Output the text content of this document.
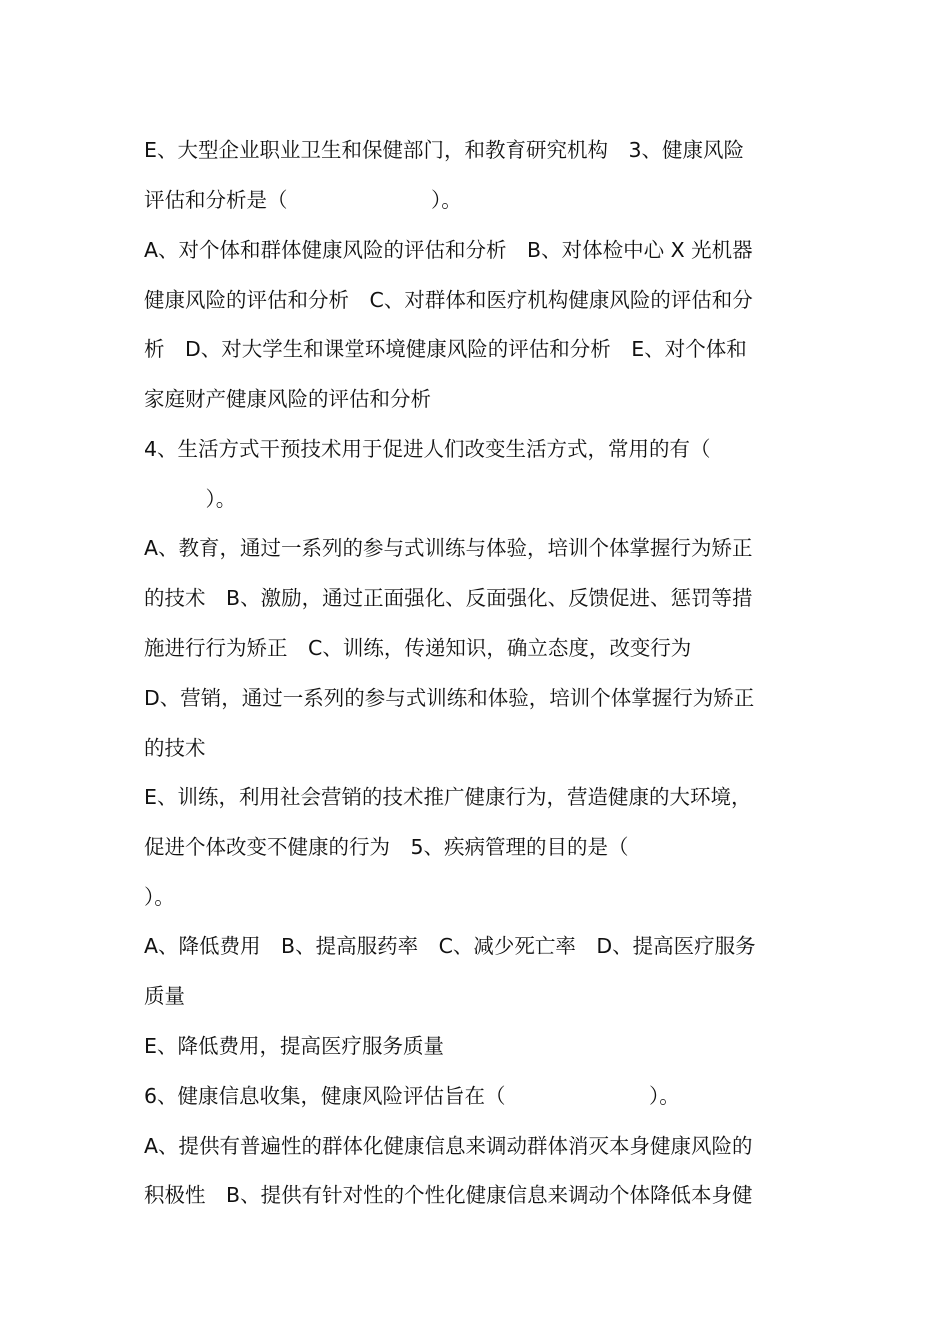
E、大型企业职业卫生和保健部门，和教育研究机构　3、健康风险
评估和分析是（　　　　　　　）。
A、对个体和群体健康风险的评估和分析　B、对体检中心 X 光机器
健康风险的评估和分析　C、对群体和医疗机构健康风险的评估和分
析　D、对大学生和课堂环境健康风险的评估和分析　E、对个体和
家庭财产健康风险的评估和分析
4、生活方式干预技术用于促进人们改变生活方式，常用的有（
　　　）。
A、教育，通过一系列的参与式训练与体验，培训个体掌握行为矫正
的技术　B、激励，通过正面强化、反面强化、反馈促进、惩罚等措
施进行行为矫正　C、训练，传递知识，确立态度，改变行为
D、营销，通过一系列的参与式训练和体验，培训个体掌握行为矫正
的技术
E、训练，利用社会营销的技术推广健康行为，营造健康的大环境，
促进个体改变不健康的行为　5、疾病管理的目的是（
）。
A、降低费用　B、提高服药率　C、减少死亡率　D、提高医疗服务
质量
E、降低费用，提高医疗服务质量
6、健康信息收集，健康风险评估旨在（　　　　　　　）。
A、提供有普遍性的群体化健康信息来调动群体消灭本身健康风险的
积极性　B、提供有针对性的个性化健康信息来调动个体降低本身健
